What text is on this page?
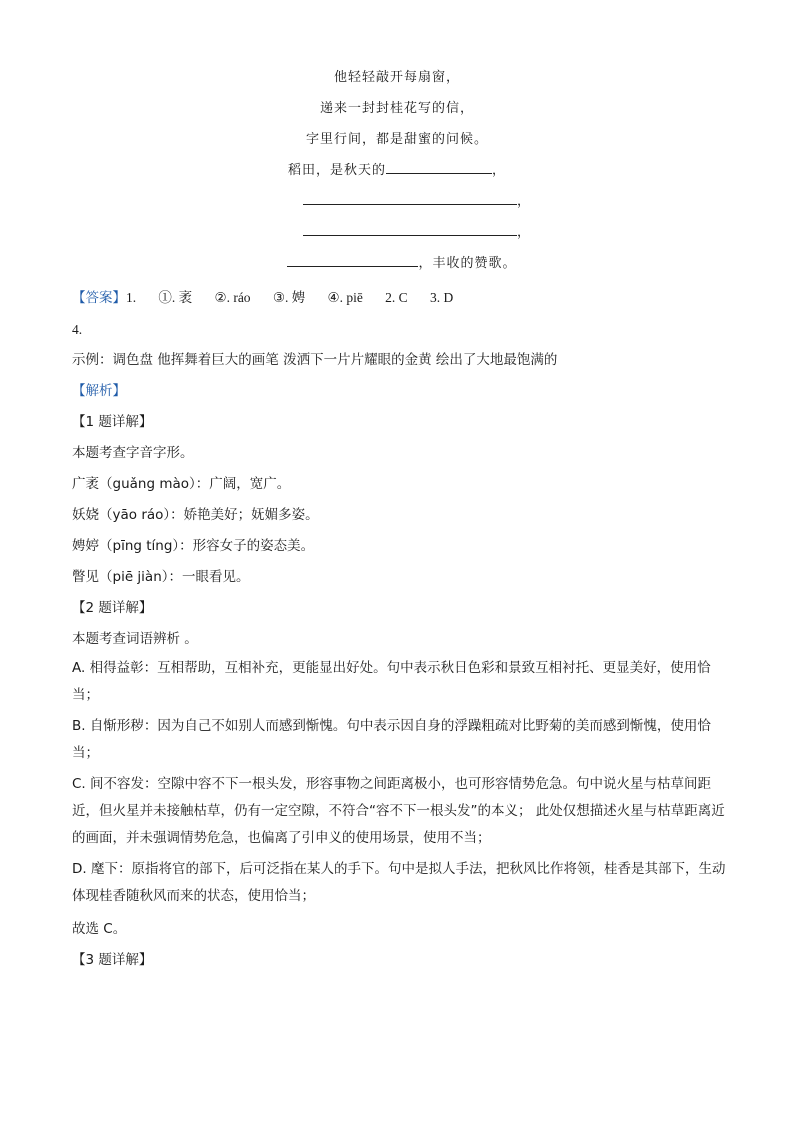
他轻轻敲开每扇窗，
递来一封封桂花写的信，
字里行间，都是甜蜜的问候。
稻田，是秋天的	，
，
，
，丰收的赞歌。
【答案】1. ①. 袤 ②. ráo ③. 娉 ④. piē 2. C 3. D
4.
示例：调色盘 他挥舞着巨大的画笔 泼洒下一片片耀眼的金黄 绘出了大地最饱满的
【解析】
【1 题详解】
本题考查字音字形。
广袤（guǎng mào）：广阔，宽广。
妖娆（yāo ráo）：娇艳美好；妩媚多姿。
娉婷（pīng tíng）：形容女子的姿态美。
瞥见（piē jiàn）：一眼看见。
【2 题详解】
本题考查词语辨析 。
A. 相得益彰：互相帮助，互相补充，更能显出好处。句中表示秋日色彩和景致互相衬托、更显美好，使用恰当；
B. 自惭形秽：因为自己不如别人而感到惭愧。句中表示因自身的浮躁粗疏对比野菊的美而感到惭愧，使用恰当；
C. 间不容发：空隙中容不下一根头发，形容事物之间距离极小，也可形容情势危急。句中说火星与枯草间距近，但火星并未接触枯草，仍有一定空隙，不符合“容不下一根头发”的本义； 此处仅想描述火星与枯草距离近的画面，并未强调情势危急，也偏离了引申义的使用场景，使用不当；
D. 麾下：原指将官的部下，后可泛指在某人的手下。句中是拟人手法，把秋风比作将领，桂香是其部下，生动体现桂香随秋风而来的状态，使用恰当；
故选 C。
【3 题详解】
